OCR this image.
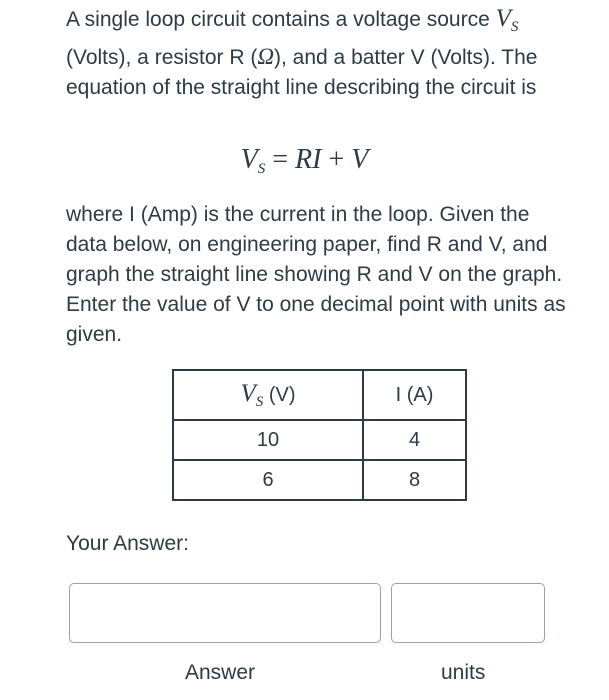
A single loop circuit contains a voltage source $V_S$ (Volts), a resistor R (Ω), and a batter V (Volts). The equation of the straight line describing the circuit is

$V_S$ = RI + V

where I (Amp) is the current in the loop. Given the data below, on engineering paper, find R and V, and graph the straight line showing R and V on the graph. Enter the value of V to one decimal point with units as given.

$V_S$ (V)	I (A)
10	4
6	8

Your Answer:

Answer	units
